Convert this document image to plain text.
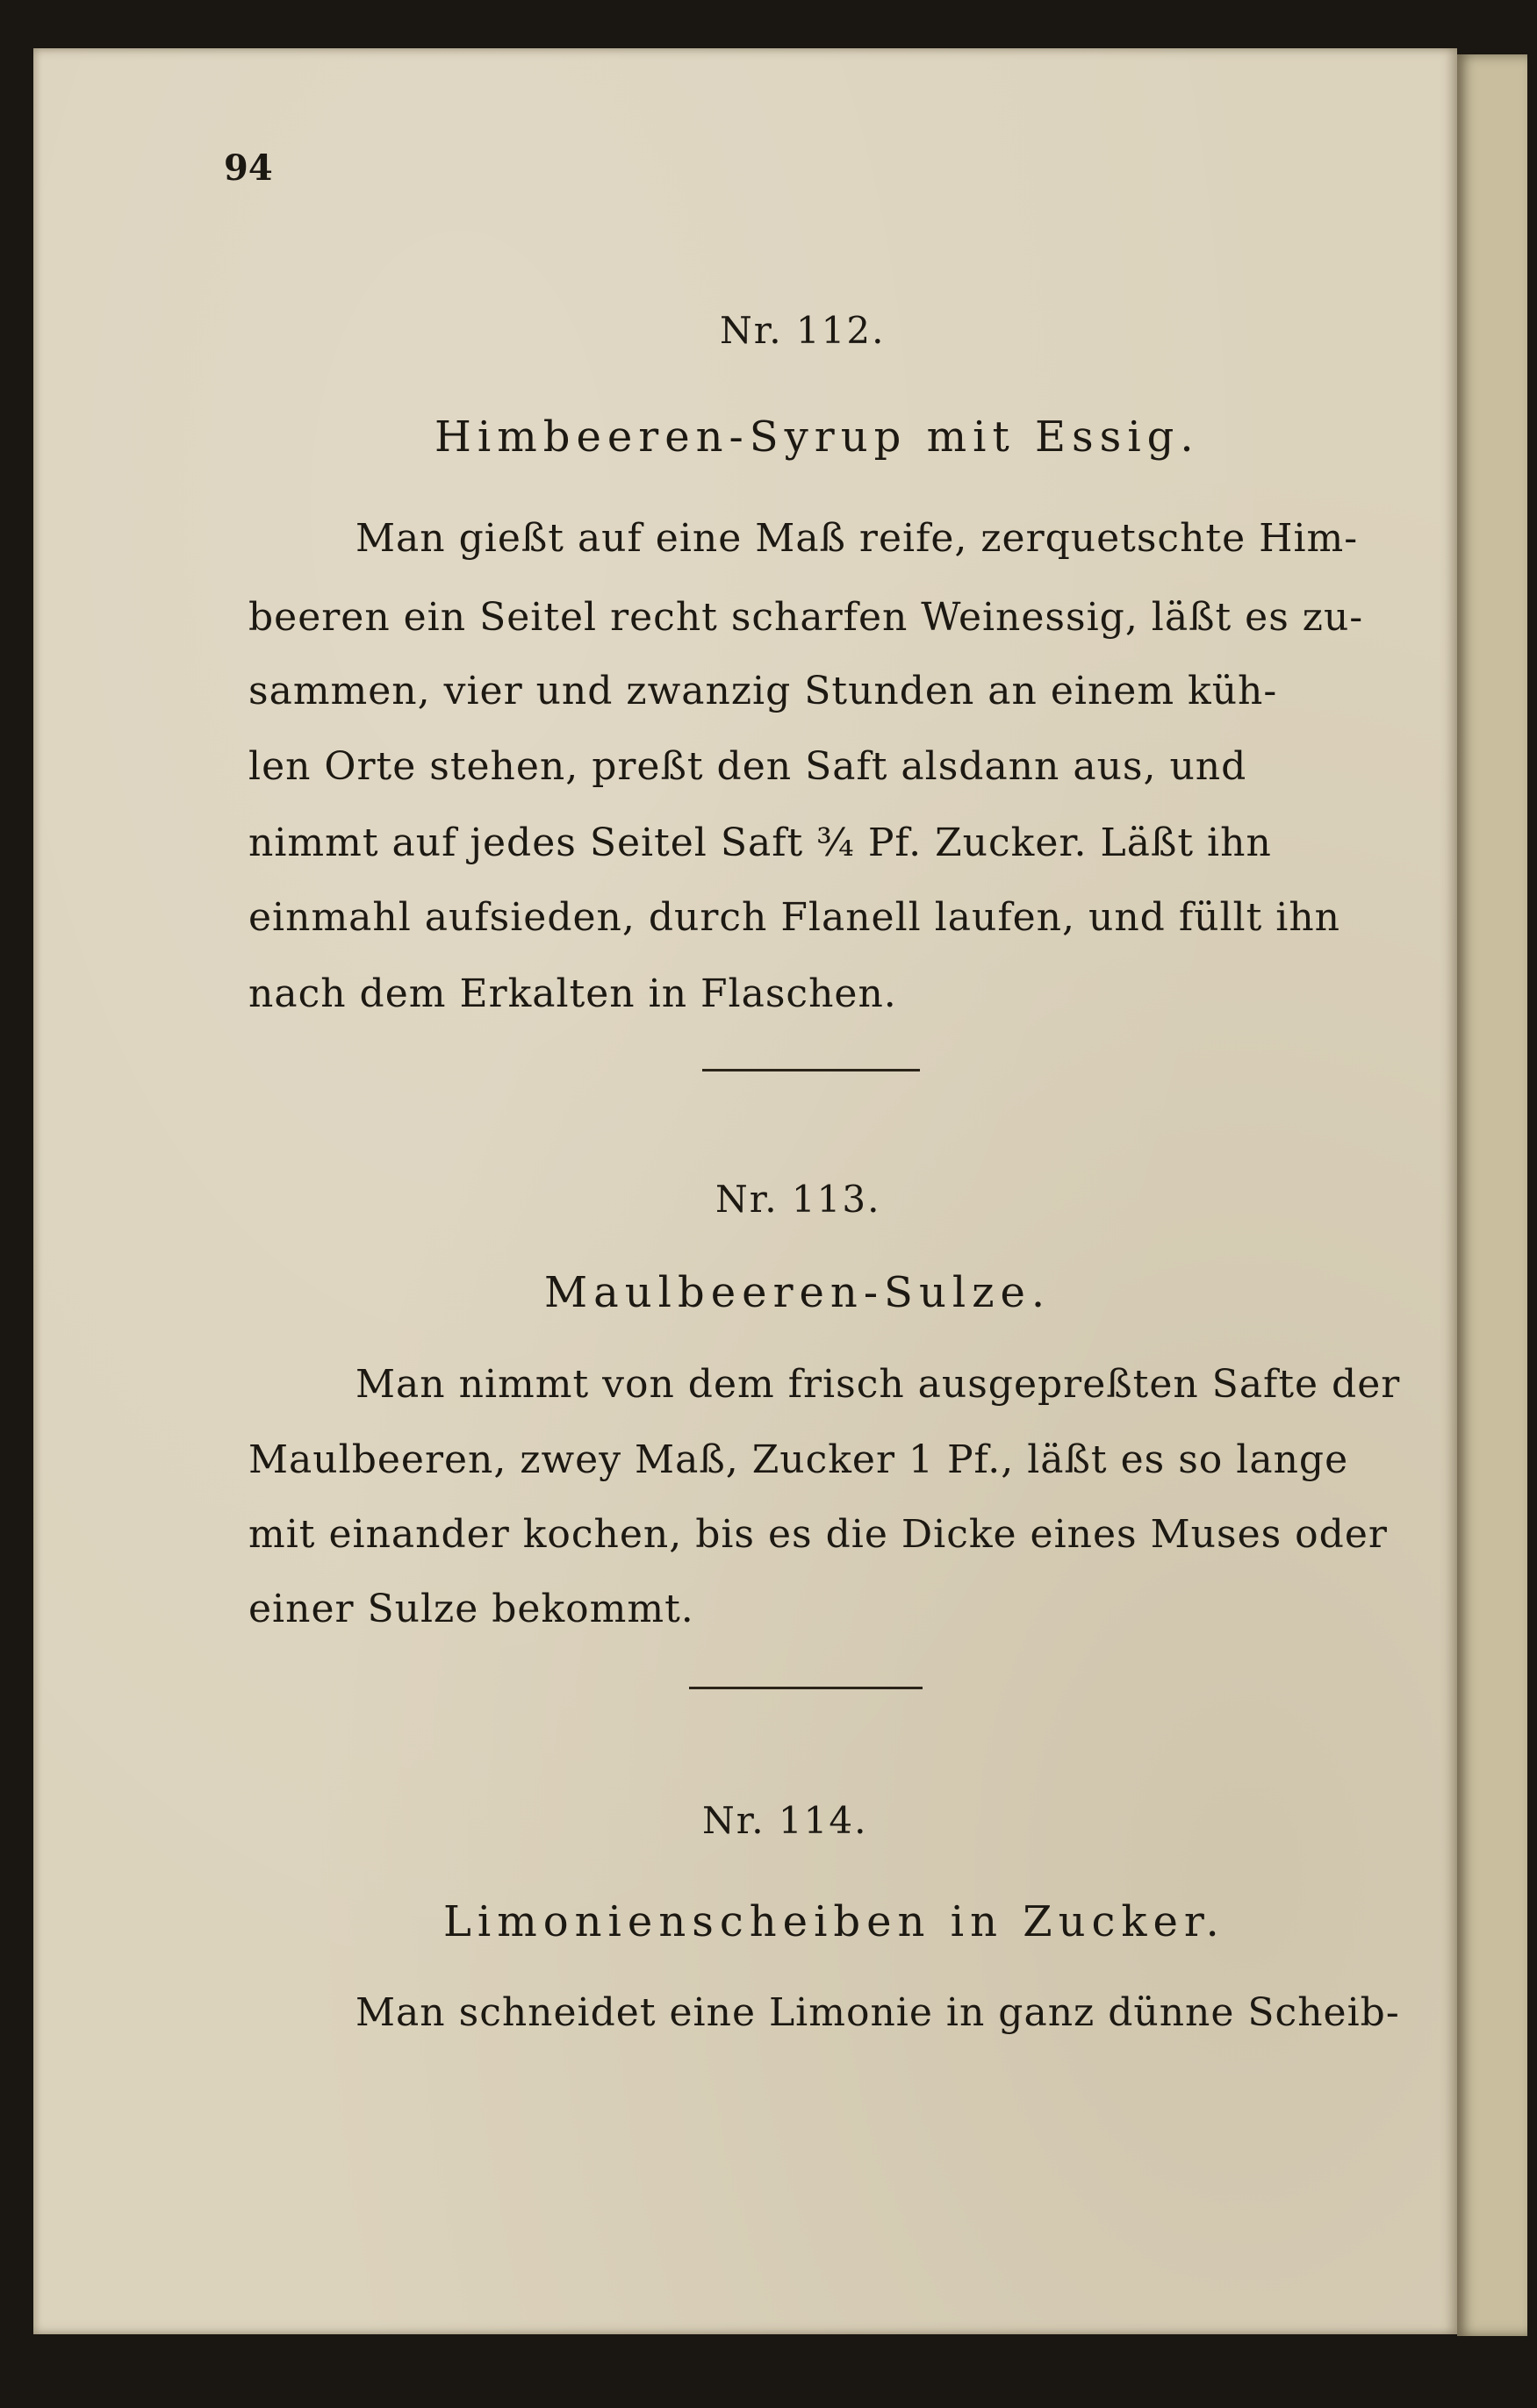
94
Nr. 112.
Himbeeren-Syrup mit Essig.
Man gießt auf eine Maß reife, zerquetschte Him-
beeren ein Seitel recht scharfen Weinessig, läßt es zu-
sammen, vier und zwanzig Stunden an einem küh-
len Orte stehen, preßt den Saft alsdann aus, und
nimmt auf jedes Seitel Saft ¾ Pf. Zucker. Läßt ihn
einmahl aufsieden, durch Flanell laufen, und füllt ihn
nach dem Erkalten in Flaschen.
Nr. 113.
Maulbeeren-Sulze.
Man nimmt von dem frisch ausgepreßten Safte der
Maulbeeren, zwey Maß, Zucker 1 Pf., läßt es so lange
mit einander kochen, bis es die Dicke eines Muses oder
einer Sulze bekommt.
Nr. 114.
Limonienscheiben in Zucker.
Man schneidet eine Limonie in ganz dünne Scheib-
